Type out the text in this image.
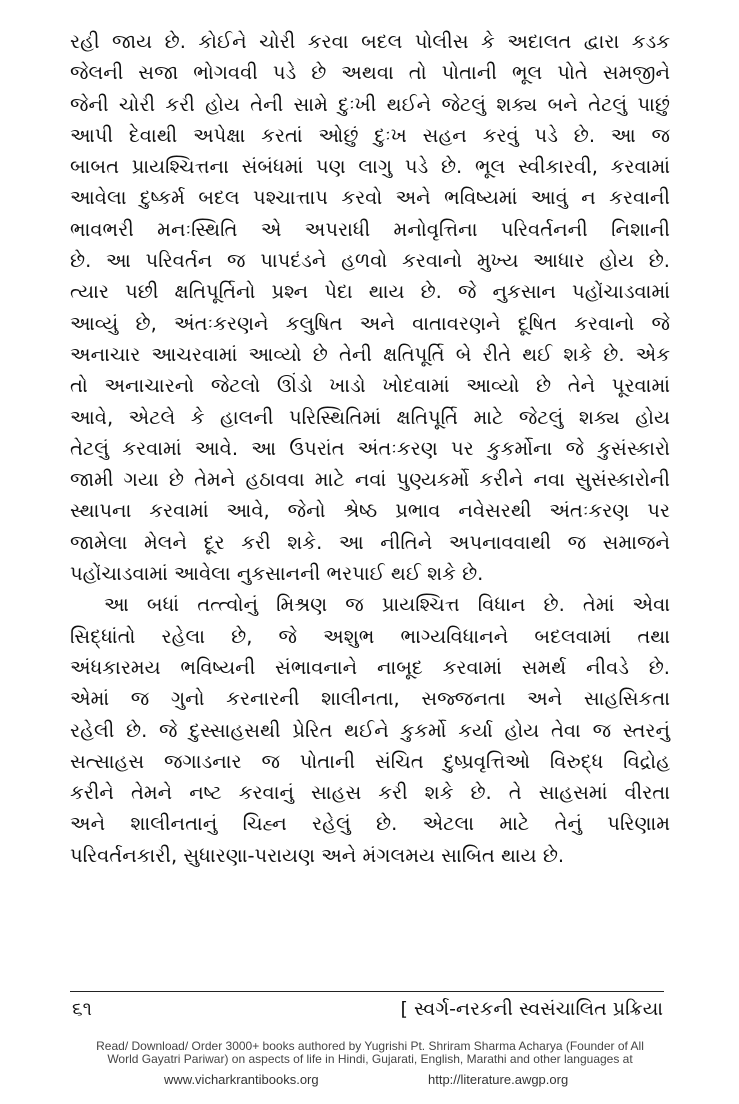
રહી જાય છે. કોઈને ચોરી કરવા બદલ પોલીસ કે અદાલત દ્વારા કડક
જેલની સજા ભોગવવી પડે છે અથવા તો પોતાની ભૂલ પોતે સમજીને
જેની ચોરી કરી હોય તેની સામે દુઃખી થઈને જેટલું શક્ય બને તેટલું પાછું
આપી દેવાથી અપેક્ષા કરતાં ઓછું દુઃખ સહન કરવું પડે છે. આ જ
બાબત પ્રાયશ્ચિત્તના સંબંધમાં પણ લાગુ પડે છે. ભૂલ સ્વીકારવી, કરવામાં
આવેલા દુષ્કર્મ બદલ પશ્ચાત્તાપ કરવો અને ભવિષ્યમાં આવું ન કરવાની
ભાવભરી મનઃસ્થિતિ એ અપરાધી મનોવૃત્તિના પરિવર્તનની નિશાની
છે. આ પરિવર્તન જ પાપદંડને હળવો કરવાનો મુખ્ય આધાર હોય છે.
ત્યાર પછી ક્ષતિપૂર્તિનો પ્રશ્ન પેદા થાય છે. જે નુકસાન પહોંચાડવામાં
આવ્યું છે, અંતઃકરણને કલુષિત અને વાતાવરણને દૂષિત કરવાનો જે
અનાચાર આચરવામાં આવ્યો છે તેની ક્ષતિપૂર્તિ બે રીતે થઈ શકે છે. એક
તો અનાચારનો જેટલો ઊંડો ખાડો ખોદવામાં આવ્યો છે તેને પૂરવામાં
આવે, એટલે કે હાલની પરિસ્થિતિમાં ક્ષતિપૂર્તિ માટે જેટલું શક્ય હોય
તેટલું કરવામાં આવે. આ ઉપરાંત અંતઃકરણ પર કુકર્મોના જે કુસંસ્કારો
જામી ગયા છે તેમને હઠાવવા માટે નવાં પુણ્યકર્મો કરીને નવા સુસંસ્કારોની
સ્થાપના કરવામાં આવે, જેનો શ્રેષ્ઠ પ્રભાવ નવેસરથી અંતઃકરણ પર
જામેલા મેલને દૂર કરી શકે. આ નીતિને અપનાવવાથી જ સમાજને
પહોંચાડવામાં આવેલા નુકસાનની ભરપાઈ થઈ શકે છે.

આ બધાં તત્ત્વોનું મિશ્રણ જ પ્રાયશ્ચિત્ત વિધાન છે. તેમાં એવા
સિદ્ધાંતો રહેલા છે, જે અશુભ ભાગ્યવિધાનને બદલવામાં તથા
અંધકારમય ભવિષ્યની સંભાવનાને નાબૂદ કરવામાં સમર્થ નીવડે છે.
એમાં જ ગુનો કરનારની શાલીનતા, સજ્જનતા અને સાહસિકતા
રહેલી છે. જે દુસ્સાહસથી પ્રેરિત થઈને કુકર્મો કર્યા હોય તેવા જ સ્તરનું
સત્સાહસ જગાડનાર જ પોતાની સંચિત દુષ્પ્રવૃત્તિઓ વિરુદ્ધ વિદ્રોહ
કરીને તેમને નષ્ટ કરવાનું સાહસ કરી શકે છે. તે સાહસમાં વીરતા
અને શાલીનતાનું ચિહ્ન રહેલું છે. એટલા માટે તેનું પરિણામ
પરિવર્તનકારી, સુધારણા-પરાયણ અને મંગલમય સાબિત થાય છે.

૬૧	[ સ્વર્ગ-નરકની સ્વસંચાલિત પ્રક્રિયા
Read/ Download/ Order 3000+ books authored by Yugrishi Pt. Shriram Sharma Acharya (Founder of All
World Gayatri Pariwar) on aspects of life in Hindi, Gujarati, English, Marathi and other languages at
www.vicharkrantibooks.org	http://literature.awgp.org
